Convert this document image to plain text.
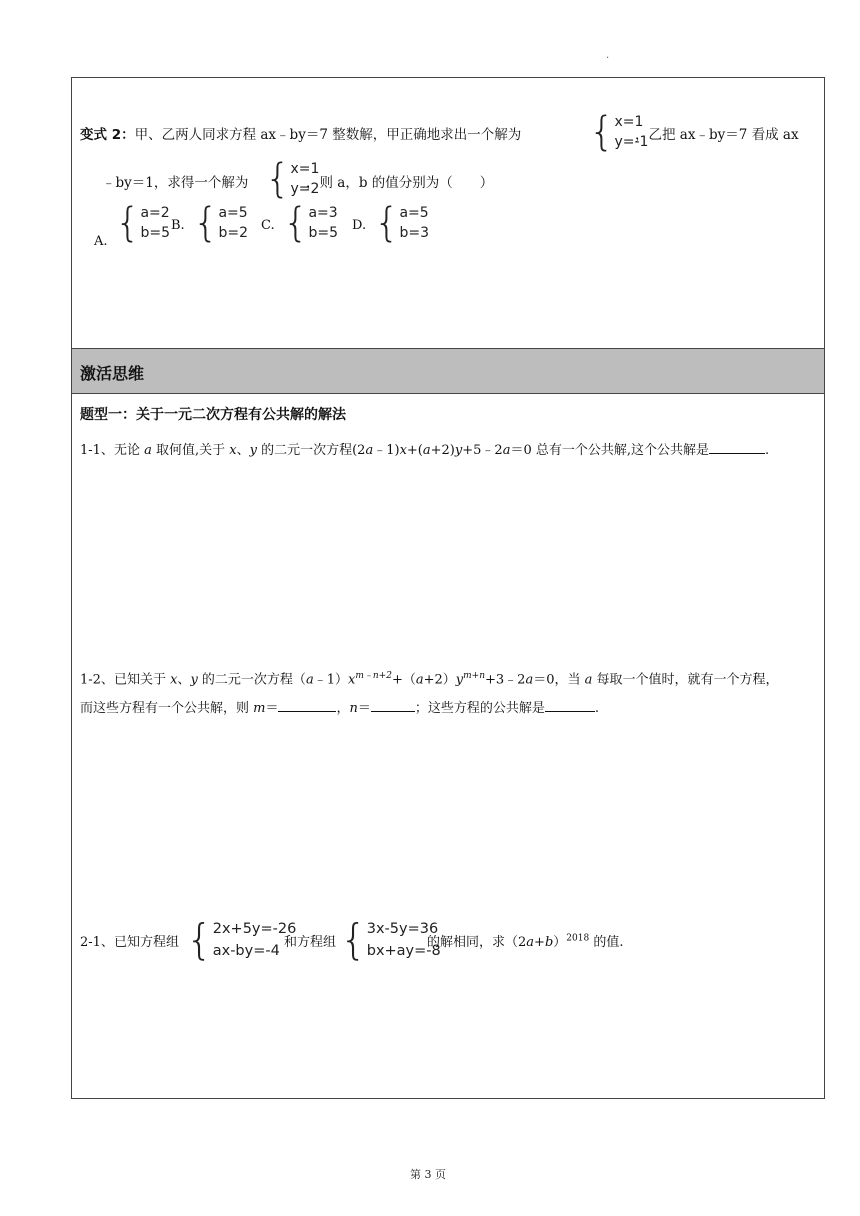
.
变式 2：甲、乙两人同求方程 ax﹣by＝7 整数解，甲正确地求出一个解为 { x=1
y=-1
，乙把 ax﹣by＝7 看成 ax
﹣by＝1，求得一个解为 { x=1
y=2
，则 a，b 的值分别为（　　）
A. { a=2
b=5 B. { a=5
b=2 C. { a=3
b=5 D. { a=5
b=3
激活思维
题型一：关于一元二次方程有公共解的解法
1-1、无论 a 取何值,关于 x、y 的二元一次方程(2a﹣1)x+(a+2)y+5﹣2a＝0 总有一个公共解,这个公共解是	.
1-2、已知关于 x、y 的二元一次方程$(a﹣1)x^{m﹣n+2}+(a+2)y^{m+n}+3﹣2a=0$，当 a 每取一个值时，就有一个方程，
而这些方程有一个公共解，则 m＝	，n＝	；这些方程的公共解是	.
2-1、已知方程组 { 2x+5y=-26
ax-by=-4
和方程组 { 3x-5y=36
bx+ay=-8
的解相同，求$(2a+b)^{2018}$ 的值.
第 3 页
